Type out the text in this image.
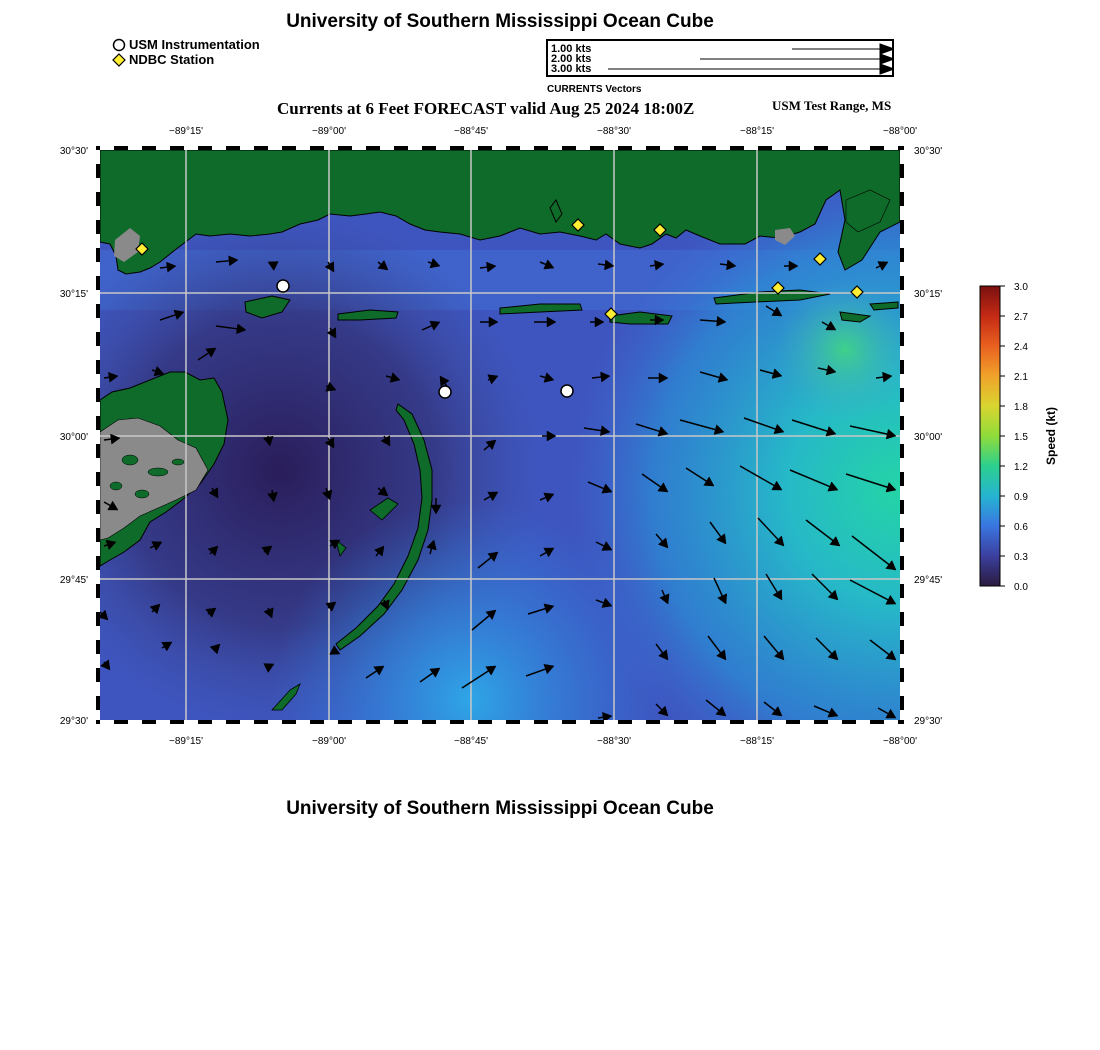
University of Southern Mississippi Ocean Cube
USM Instrumentation
NDBC Station
1.00 kts
2.00 kts
3.00 kts
CURRENTS Vectors
Currents at 6 Feet FORECAST valid Aug 25 2024 18:00Z	USM Test Range, MS
−89°15'	−89°00'	−88°45'	−88°30'	−88°15'	−88°00'
−89°15'	−89°00'	−88°45'	−88°30'	−88°15'	−88°00'
30°30'
30°15'
30°00'
29°45'
29°30'
30°30'
30°15'
30°00'
29°45'
29°30'
3.0
2.7
2.4
2.1
1.8
1.5
1.2
0.9
0.6
0.3
0.0
Speed (kt)
University of Southern Mississippi Ocean Cube
